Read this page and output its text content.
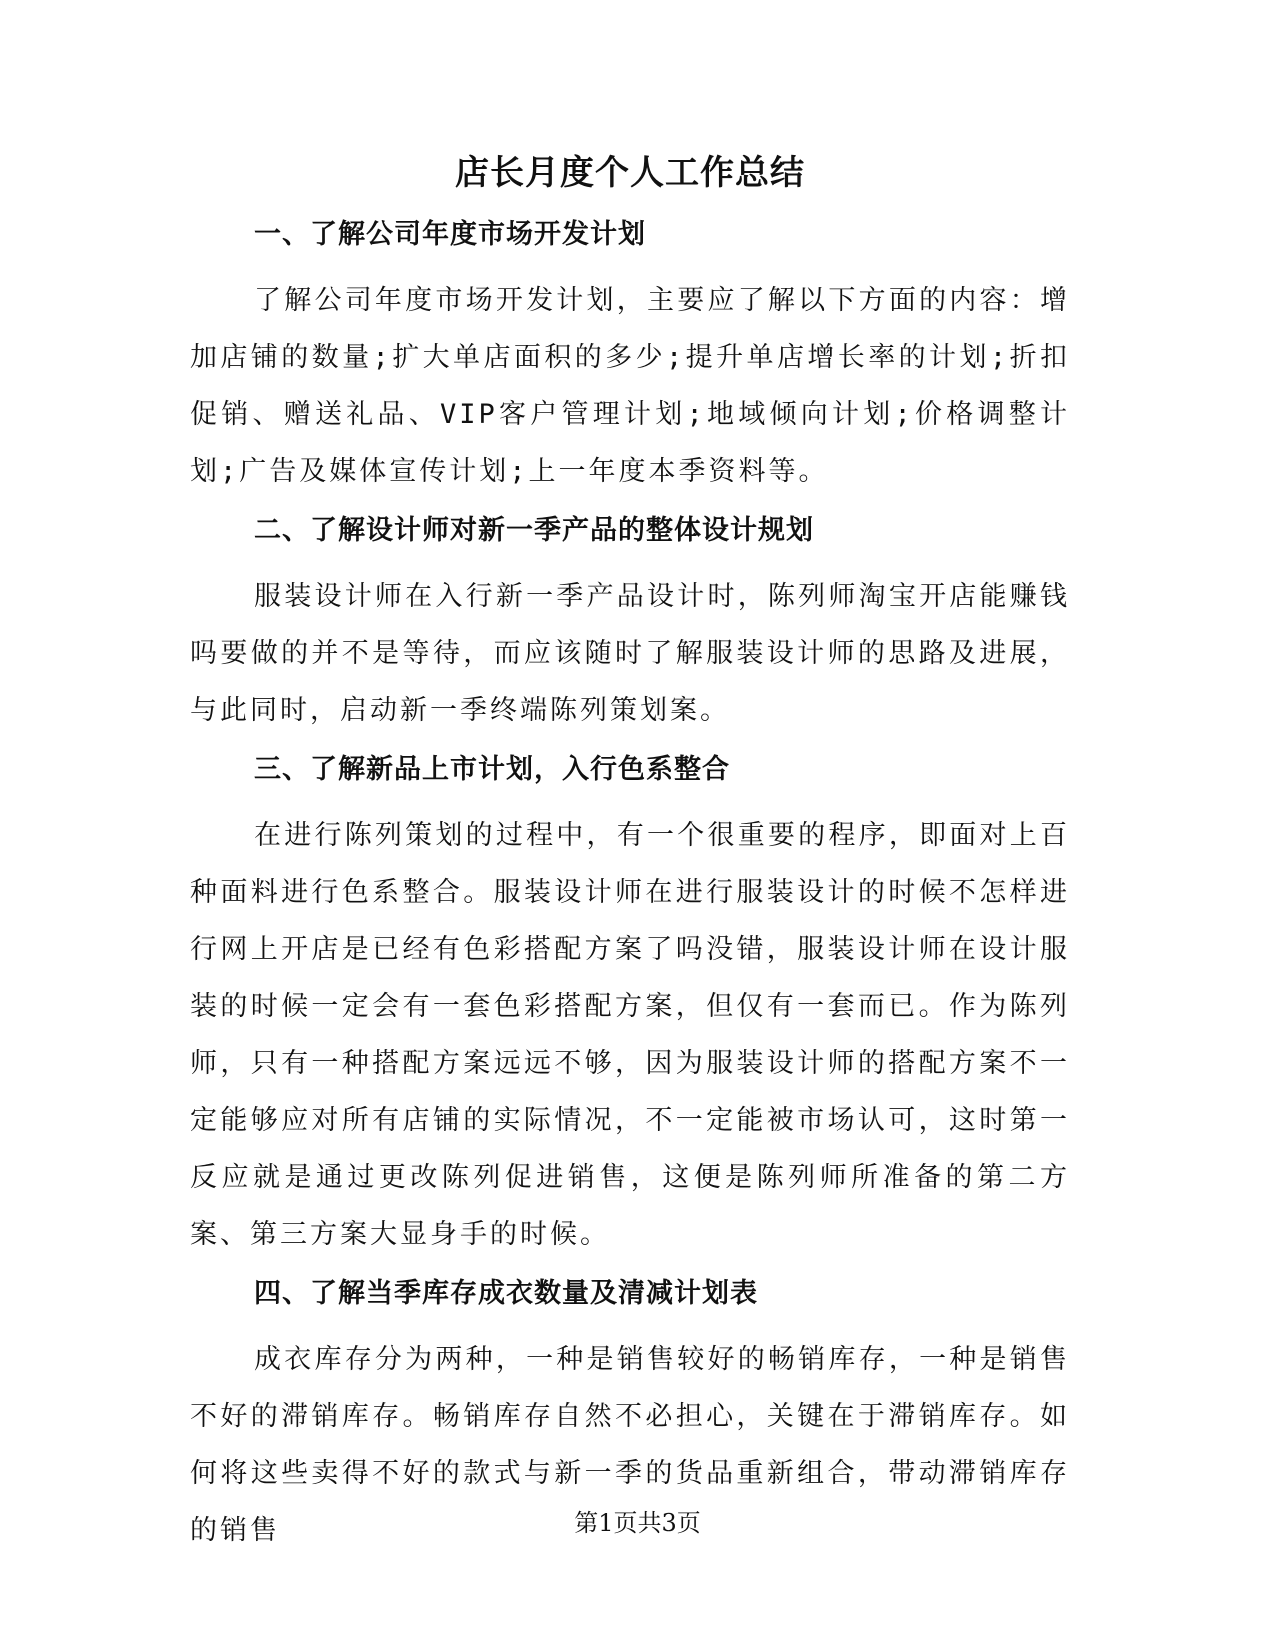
店长月度个人工作总结
一、了解公司年度市场开发计划

了解公司年度市场开发计划，主要应了解以下方面的内容：增加店铺的数量;扩大单店面积的多少;提升单店增长率的计划;折扣促销、赠送礼品、VIP客户管理计划;地域倾向计划;价格调整计划;广告及媒体宣传计划;上一年度本季资料等。

二、了解设计师对新一季产品的整体设计规划

服装设计师在入行新一季产品设计时，陈列师淘宝开店能赚钱吗要做的并不是等待，而应该随时了解服装设计师的思路及进展，与此同时，启动新一季终端陈列策划案。

三、了解新品上市计划，入行色系整合

在进行陈列策划的过程中，有一个很重要的程序，即面对上百种面料进行色系整合。服装设计师在进行服装设计的时候不怎样进行网上开店是已经有色彩搭配方案了吗没错，服装设计师在设计服装的时候一定会有一套色彩搭配方案，但仅有一套而已。作为陈列师，只有一种搭配方案远远不够，因为服装设计师的搭配方案不一定能够应对所有店铺的实际情况，不一定能被市场认可，这时第一反应就是通过更改陈列促进销售，这便是陈列师所准备的第二方案、第三方案大显身手的时候。

四、了解当季库存成衣数量及清减计划表

成衣库存分为两种，一种是销售较好的畅销库存，一种是销售不好的滞销库存。畅销库存自然不必担心，关键在于滞销库存。如何将这些卖得不好的款式与新一季的货品重新组合，带动滞销库存的销售	第1页共3页
